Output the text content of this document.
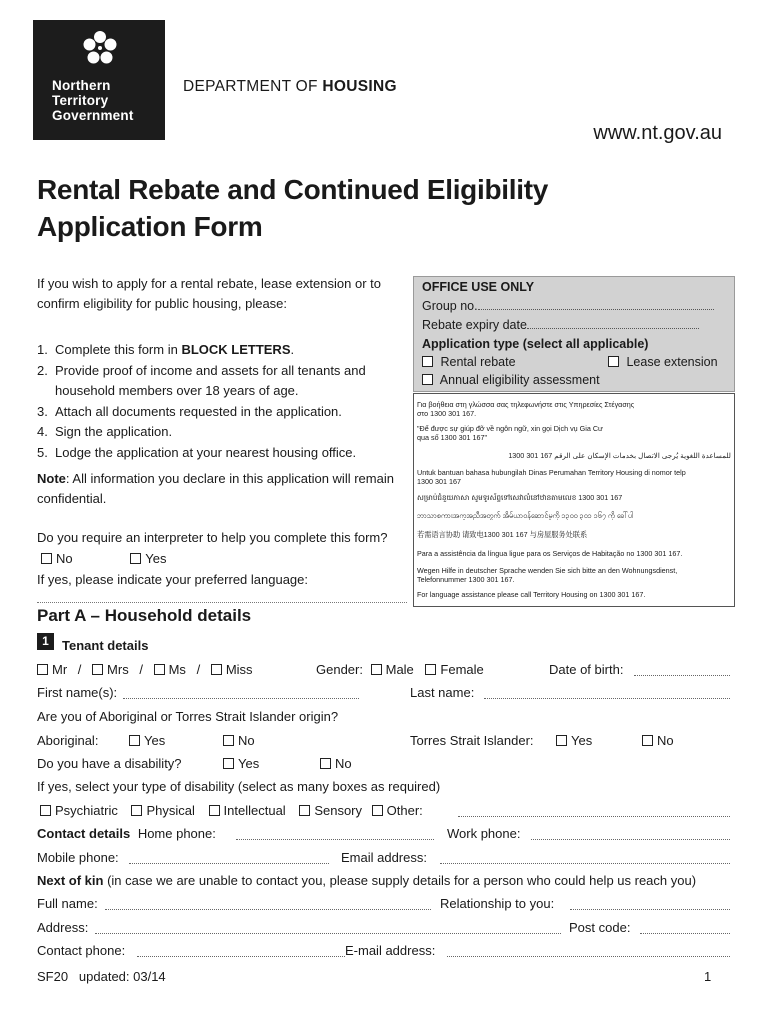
Northern
Territory
Government
DEPARTMENT OF HOUSING
www.nt.gov.au
Rental Rebate and Continued Eligibility
Application Form
If you wish to apply for a rental rebate, lease extension or to confirm eligibility for public housing, please:
1. Complete this form in BLOCK LETTERS.
2. Provide proof of income and assets for all tenants and household members over 18 years of age.
3. Attach all documents requested in the application.
4. Sign the application.
5. Lodge the application at your nearest housing office.
Note: All information you declare in this application will remain confidential.
Do you require an interpreter to help you complete this form? No	Yes
If yes, please indicate your preferred language:
OFFICE USE ONLY
Group no.
Rebate expiry date
Application type (select all applicable)
Rental rebate	Lease extension
Annual eligibility assessment
Για βοήθεια στη γλώσσα σας τηλεφωνήστε στις Υπηρεσίες Στέγασης
στο 1300 301 167.
"Để được sự giúp đỡ về ngôn ngữ, xin gọi Dịch vụ Gia Cư
qua số 1300 301 167"
للمساعدة اللغوية يُرجى الاتصال بخدمات الإسكان على الرقم 167 301 1300
Untuk bantuan bahasa hubungilah Dinas Perumahan Territory Housing di nomor telp
1300 301 167
សម្រាប់ជំនួយភាសា សូមទូរស័ព្ទទៅសេវាលំនៅឋានតាមលេខ 1300 301 167
ဘာသာစကားအကူအညီအတွက် အိမ်ယာဝန်ဆောင်မှုကို ၁၃၀၀ ၃၀၁ ၁၆၇ ကို ခေါ်ပါ
若需语言协助 请致电1300 301 167 与房屋服务处联系
Para a assistência da língua ligue para os Serviços de Habitação no 1300 301 167.
Wegen Hilfe in deutscher Sprache wenden Sie sich bitte an den Wohnungsdienst,
Telefonnummer 1300 301 167.
For language assistance please call Territory Housing on 1300 301 167.
Part A – Household details
1	Tenant details
Mr / Mrs / Ms / Miss	Gender: Male Female	Date of birth:
First name(s):	Last name:
Are you of Aboriginal or Torres Strait Islander origin?
Aboriginal:	Yes	No	Torres Strait Islander:	Yes	No
Do you have a disability?	Yes	No
If yes, select your type of disability (select as many boxes as required)
Psychiatric Physical Intellectual Sensory Other:
Contact details Home phone:	Work phone:
Mobile phone:	Email address:
Next of kin (in case we are unable to contact you, please supply details for a person who could help us reach you)
Full name:	Relationship to you:
Address:	Post code:
Contact phone:	E-mail address:
SF20   updated: 03/14	1
